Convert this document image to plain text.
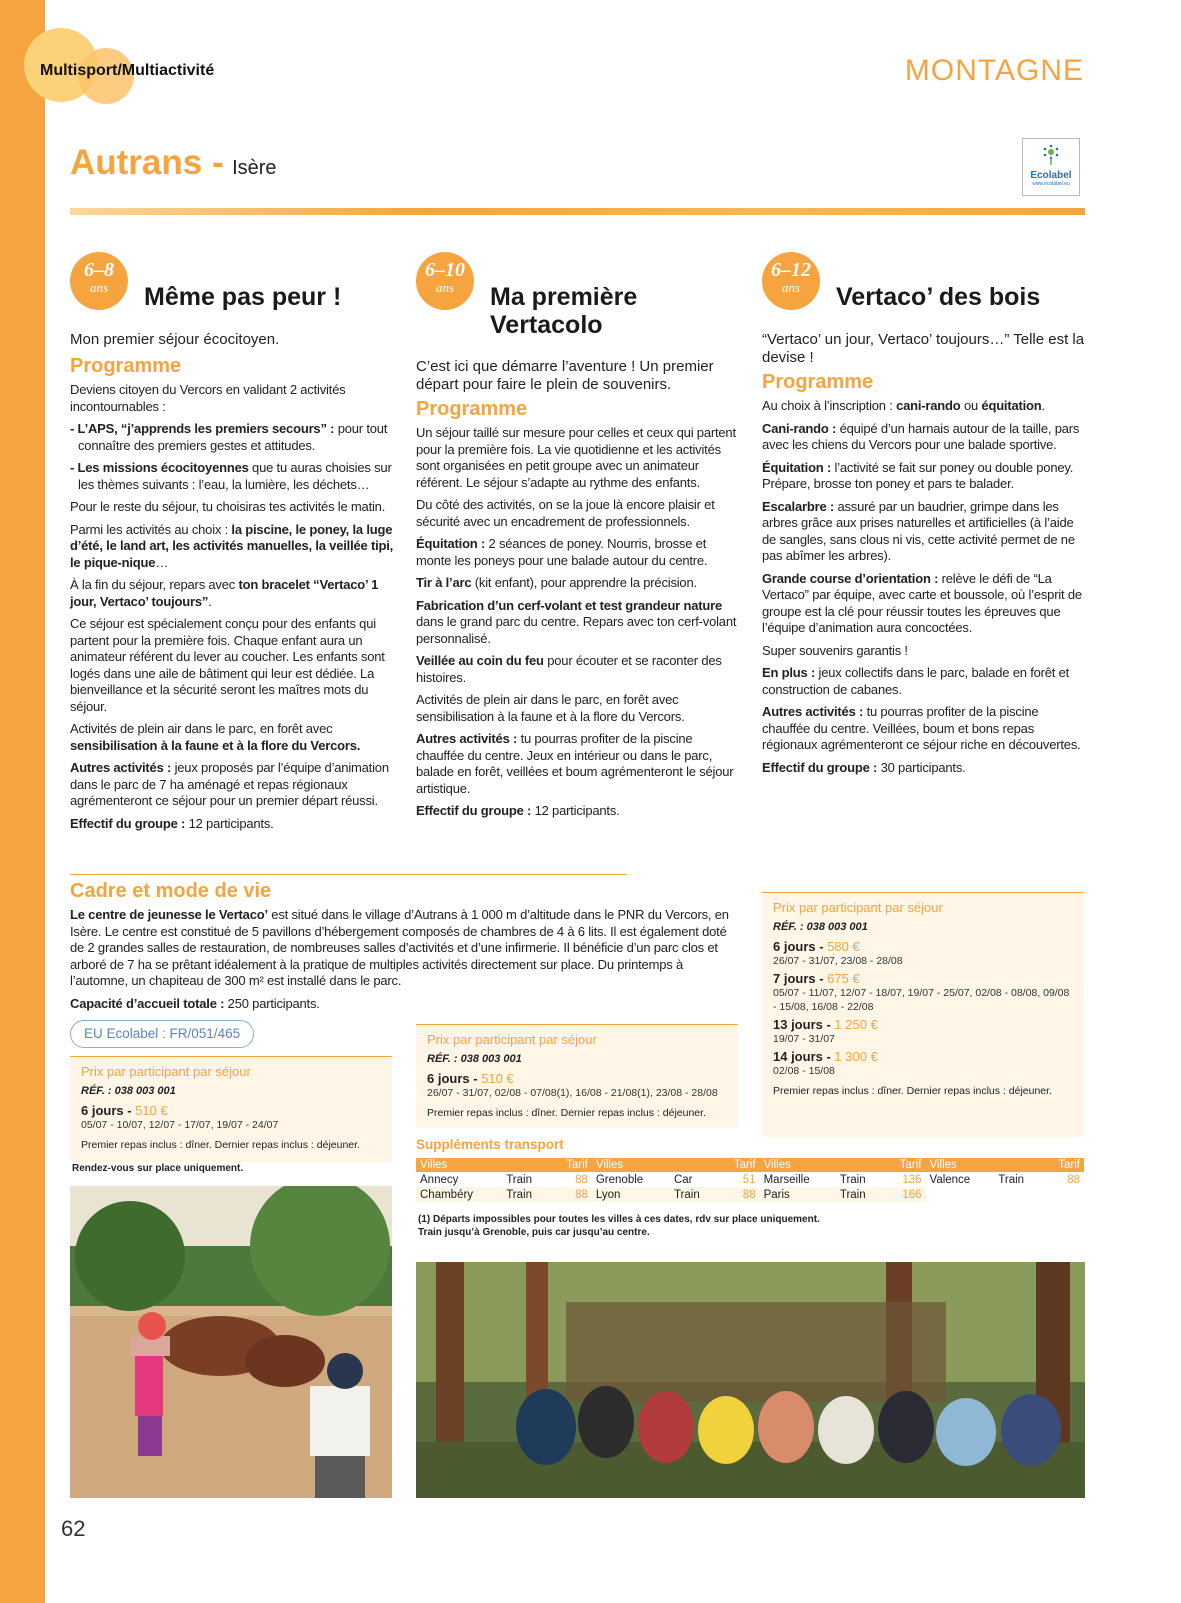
Multisport/Multiactivité	MONTAGNE
Autrans - Isère	Ecolabel
www.ecolabel.eu
6–8
ans	Même pas peur !
Mon premier séjour écocitoyen.
Programme

Deviens citoyen du Vercors en validant 2 activités incontournables :

- L’APS, “j’apprends les premiers secours” : pour tout connaître des premiers gestes et attitudes.

- Les missions écocitoyennes que tu auras choisies sur les thèmes suivants : l’eau, la lumière, les déchets…

Pour le reste du séjour, tu choisiras tes activités le matin.

Parmi les activités au choix : la piscine, le poney, la luge d’été, le land art, les activités manuelles, la veillée tipi, le pique-nique…

À la fin du séjour, repars avec ton bracelet “Vertaco’ 1 jour, Vertaco’ toujours”.

Ce séjour est spécialement conçu pour des enfants qui partent pour la première fois. Chaque enfant aura un animateur référent du lever au coucher. Les enfants sont logés dans une aile de bâtiment qui leur est dédiée. La bienveillance et la sécurité seront les maîtres mots du séjour.

Activités de plein air dans le parc, en forêt avec sensibilisation à la faune et à la flore du Vercors.

Autres activités : jeux proposés par l’équipe d’animation dans le parc de 7 ha aménagé et repas régionaux agrémenteront ce séjour pour un premier départ réussi.

Effectif du groupe : 12 participants.

6–10
ans	Ma première Vertacolo
C’est ici que démarre l’aventure ! Un premier départ pour faire le plein de souvenirs.
Programme

Un séjour taillé sur mesure pour celles et ceux qui partent pour la première fois. La vie quotidienne et les activités sont organisées en petit groupe avec un animateur référent. Le séjour s’adapte au rythme des enfants.

Du côté des activités, on se la joue là encore plaisir et sécurité avec un encadrement de professionnels.

Équitation : 2 séances de poney. Nourris, brosse et monte les poneys pour une balade autour du centre.

Tir à l’arc (kit enfant), pour apprendre la précision.

Fabrication d’un cerf-volant et test grandeur nature dans le grand parc du centre. Repars avec ton cerf-volant personnalisé.

Veillée au coin du feu pour écouter et se raconter des histoires.

Activités de plein air dans le parc, en forêt avec sensibilisation à la faune et à la flore du Vercors.

Autres activités : tu pourras profiter de la piscine chauffée du centre. Jeux en intérieur ou dans le parc, balade en forêt, veillées et boum agrémenteront le séjour artistique.

Effectif du groupe : 12 participants.

6–12
ans	Vertaco’ des bois
“Vertaco’ un jour, Vertaco’ toujours…” Telle est la devise !
Programme

Au choix à l’inscription : cani-rando ou équitation.

Cani-rando : équipé d’un harnais autour de la taille, pars avec les chiens du Vercors pour une balade sportive.

Équitation : l’activité se fait sur poney ou double poney. Prépare, brosse ton poney et pars te balader.

Escalarbre : assuré par un baudrier, grimpe dans les arbres grâce aux prises naturelles et artificielles (à l’aide de sangles, sans clous ni vis, cette activité permet de ne pas abîmer les arbres).

Grande course d’orientation : relève le défi de “La Vertaco” par équipe, avec carte et boussole, où l’esprit de groupe est la clé pour réussir toutes les épreuves que l’équipe d’animation aura concoctées.

Super souvenirs garantis !

En plus : jeux collectifs dans le parc, balade en forêt et construction de cabanes.

Autres activités : tu pourras profiter de la piscine chauffée du centre. Veillées, boum et bons repas régionaux agrémenteront ce séjour riche en découvertes.

Effectif du groupe : 30 participants.

Cadre et mode de vie

Le centre de jeunesse le Vertaco’ est situé dans le village d’Autrans à 1 000 m d’altitude dans le PNR du Vercors, en Isère. Le centre est constitué de 5 pavillons d’hébergement composés de chambres de 4 à 6 lits. Il est également doté de 2 grandes salles de restauration, de nombreuses salles d’activités et d’une infirmerie. Il bénéficie d’un parc clos et arboré de 7 ha se prêtant idéalement à la pratique de multiples activités directement sur place. Du printemps à l’automne, un chapiteau de 300 m² est installé dans le parc.

Capacité d’accueil totale : 250 participants.

EU Ecolabel : FR/051/465
Prix par participant par séjour
RÉF. : 038 003 001
6 jours - 510 €
05/07 - 10/07, 12/07 - 17/07, 19/07 - 24/07
Premier repas inclus : dîner. Dernier repas inclus : déjeuner.
Rendez-vous sur place uniquement.
Prix par participant par séjour
RÉF. : 038 003 001
6 jours - 510 €
26/07 - 31/07, 02/08 - 07/08(1), 16/08 - 21/08(1), 23/08 - 28/08
Premier repas inclus : dîner. Dernier repas inclus : déjeuner.
Prix par participant par séjour
RÉF. : 038 003 001
6 jours - 580 €
26/07 - 31/07, 23/08 - 28/08
7 jours - 675 €
05/07 - 11/07, 12/07 - 18/07, 19/07 - 25/07, 02/08 - 08/08, 09/08 - 15/08, 16/08 - 22/08
13 jours - 1 250 €
19/07 - 31/07
14 jours - 1 300 €
02/08 - 15/08
Premier repas inclus : dîner. Dernier repas inclus : déjeuner.
Suppléments transport
Villes		Tarif	Villes		Tarif	Villes		Tarif	Villes		Tarif
Annecy	Train	88	Grenoble	Car	51	Marseille	Train	136	Valence	Train	88
Chambéry	Train	88	Lyon	Train	88	Paris	Train	166			
(1) Départs impossibles pour toutes les villes à ces dates, rdv sur place uniquement.
Train jusqu’à Grenoble, puis car jusqu’au centre.
62
